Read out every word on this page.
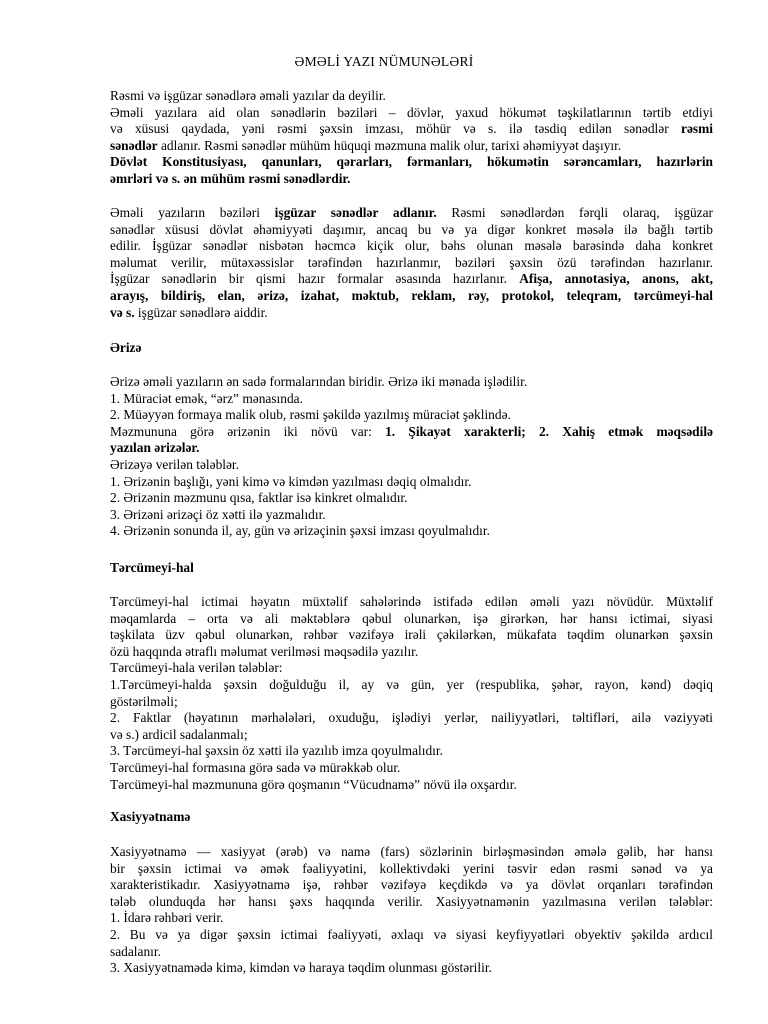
ƏMƏLİ YAZI NÜMUNƏLƏRİ
Rəsmi və işgüzar sənədlərə əməli yazılar da deyilir.
Əməli yazılara aid olan sənədlərin bəziləri – dövlər, yaxud hökumət təşkilatlarının tərtib etdiyi
və xüsusi qaydada, yəni rəsmi şəxsin imzası, möhür və s. ilə təsdiq edilən sənədlər rəsmi
sənədlər adlanır. Rəsmi sənədlər mühüm hüquqi məzmuna malik olur, tarixi əhəmiyyət daşıyır.
Dövlət Konstitusiyası, qanunları, qərarları, fərmanları, hökumətin sərəncamları, hazırlərin
əmrləri və s. ən mühüm rəsmi sənədlərdir.
Əməli yazıların bəziləri işgüzar sənədlər adlanır. Rəsmi sənədlərdən fərqli olaraq, işgüzar
sənədlər xüsusi dövlət əhəmiyyəti daşımır, ancaq bu və ya digər konkret məsələ ilə bağlı tərtib
edilir. İşgüzar sənədlər nisbətən həcmcə kiçik olur, bəhs olunan məsələ barəsində daha konkret
məlumat verilir, mütəxəssislər tərəfindən hazırlanmır, bəziləri şəxsin özü tərəfindən hazırlanır.
İşgüzar sənədlərin bir qismi hazır formalar əsasında hazırlanır. Afişa, annotasiya, anons, akt,
arayış, bildiriş, elan, ərizə, izahat, məktub, reklam, rəy, protokol, teleqram, tərcümeyi-hal
və s. işgüzar sənədlərə aiddir.
Ərizə
Ərizə əməli yazıların ən sadə formalarından biridir. Ərizə iki mənada işlədilir.
1. Müraciət emək, “ərz” mənasında.
2. Müəyyən formaya malik olub, rəsmi şəkildə yazılmış müraciət şəklində.
Məzmununa görə ərizənin iki növü var: 1. Şikayət xarakterli; 2. Xahiş etmək məqsədilə
yazılan ərizələr.
Ərizəyə verilən tələblər.
1. Ərizənin başlığı, yəni kimə və kimdən yazılması dəqiq olmalıdır.
2. Ərizənin məzmunu qısa, faktlar isə kinkret olmalıdır.
3. Ərizəni ərizəçi öz xətti ilə yazmalıdır.
4. Ərizənin sonunda il, ay, gün və ərizəçinin şəxsi imzası qoyulmalıdır.
Tərcümeyi-hal
Tərcümeyi-hal ictimai həyatın müxtəlif sahələrində istifadə edilən əməli yazı növüdür. Müxtəlif
məqamlarda – orta və ali məktəblərə qəbul olunarkən, işə girərkən, hər hansı ictimai, siyasi
təşkilata üzv qəbul olunarkən, rəhbər vəzifəyə irəli çəkilərkən, mükafata təqdim olunarkən şəxsin
özü haqqında ətraflı məlumat verilməsi məqsədilə yazılır.
Tərcümeyi-hala verilən tələblər:
1.Tərcümeyi-halda şəxsin doğulduğu il, ay və gün, yer (respublika, şəhər, rayon, kənd) dəqiq
göstərilməli;
2. Faktlar (həyatının mərhələləri, oxuduğu, işlədiyi yerlər, nailiyyətləri, təltifləri, ailə vəziyyəti
və s.) ardicil sadalanmalı;
3. Tərcümeyi-hal şəxsin öz xətti ilə yazılıb imza qoyulmalıdır.
Tərcümeyi-hal formasına görə sadə və mürəkkəb olur.
Tərcümeyi-hal məzmununa görə qoşmanın “Vücudnamə” növü ilə oxşardır.
Xasiyyətnamə
Xasiyyətnamə — xasiyyət (ərəb) və namə (fars) sözlərinin birləşməsindən əmələ gəlib, hər hansı
bir şəxsin ictimai və əmək fəaliyyətini, kollektivdəki yerini təsvir edən rəsmi sənəd və ya
xarakteristikadır. Xasiyyətnamə işə, rəhbər vəzifəyə keçdikdə və ya dövlət orqanları tərəfindən
tələb olunduqda hər hansı şəxs haqqında verilir. Xasiyyətnamənin yazılmasına verilən tələblər:
1. İdarə rəhbəri verir.
2. Bu və ya digər şəxsin ictimai fəaliyyəti, əxlaqı və siyasi keyfiyyətləri obyektiv şəkildə ardıcıl
sadalanır.
3. Xasiyyətnamədə kimə, kimdən və haraya təqdim olunması göstərilir.
